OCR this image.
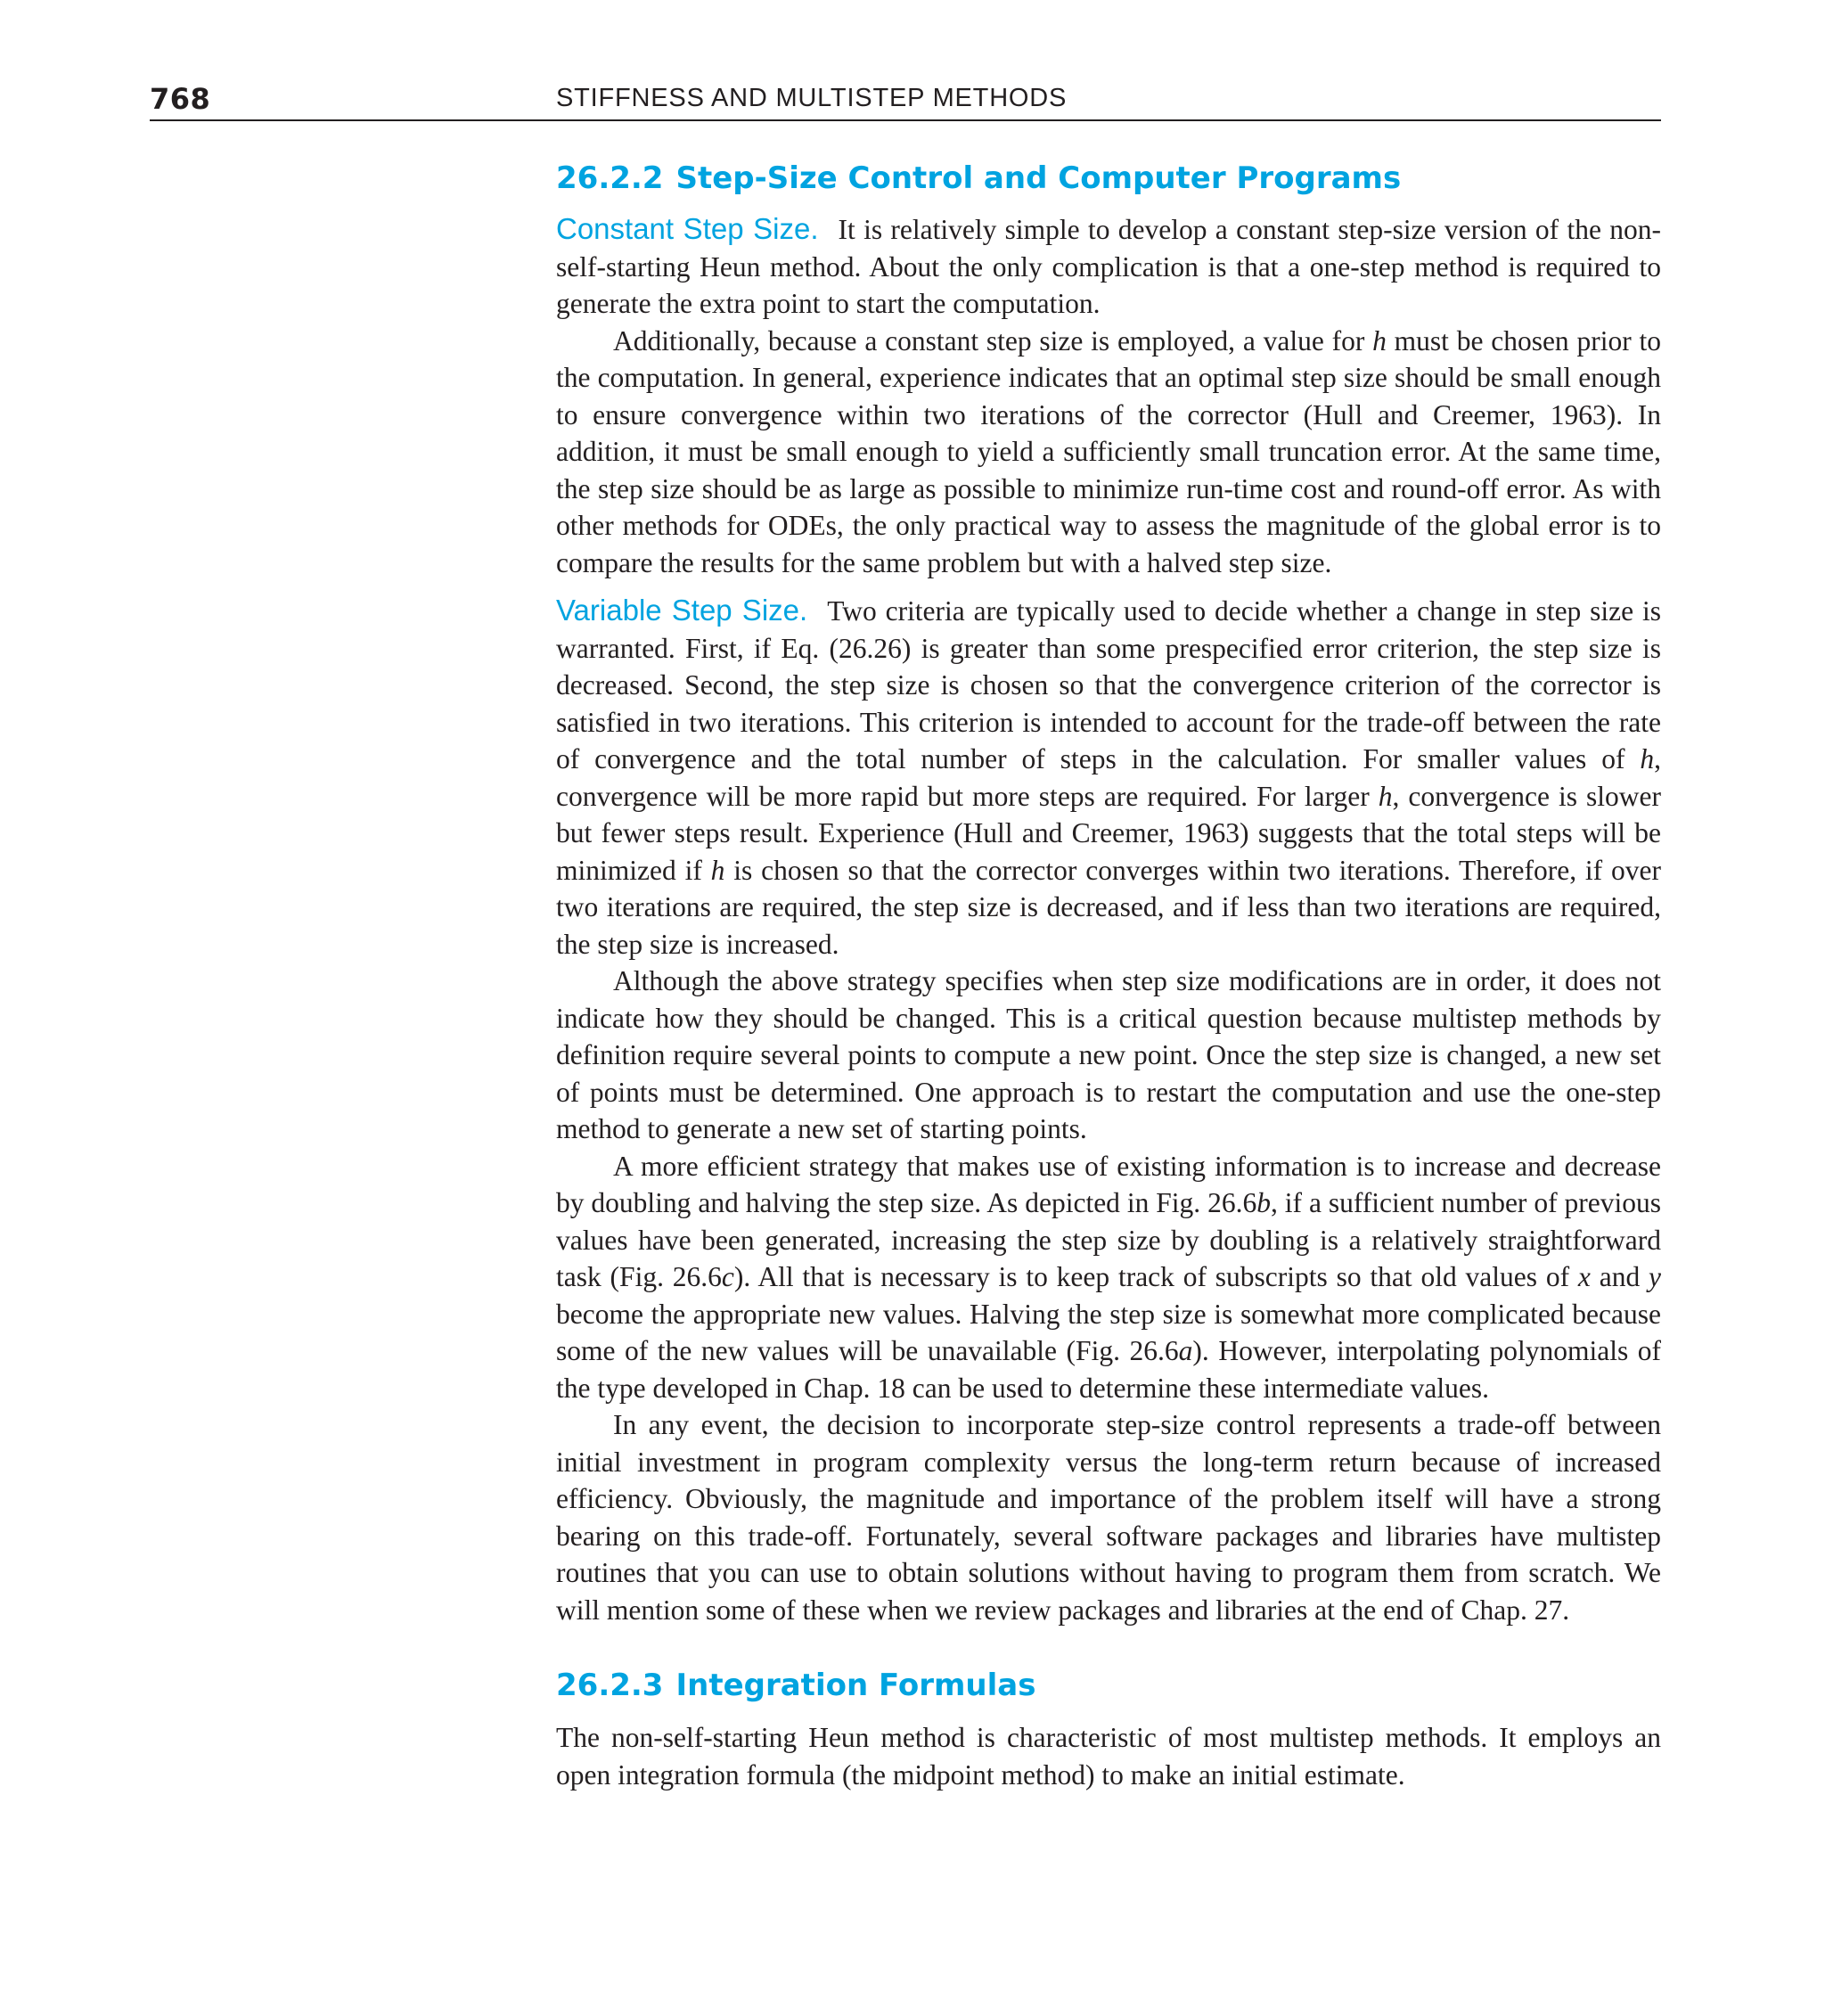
768	STIFFNESS AND MULTISTEP METHODS
26.2.2 Step-Size Control and Computer Programs

Constant Step Size. It is relatively simple to develop a constant step-size version of the non-self-starting Heun method. About the only complication is that a one-step method is required to generate the extra point to start the computation.

Additionally, because a constant step size is employed, a value for h must be chosen prior to the computation. In general, experience indicates that an optimal step size should be small enough to ensure convergence within two iterations of the corrector (Hull and Creemer, 1963). In addition, it must be small enough to yield a sufficiently small truncation error. At the same time, the step size should be as large as possible to minimize run-time cost and round-off error. As with other methods for ODEs, the only practical way to assess the magnitude of the global error is to compare the results for the same problem but with a halved step size.

Variable Step Size. Two criteria are typically used to decide whether a change in step size is warranted. First, if Eq. (26.26) is greater than some prespecified error criterion, the step size is decreased. Second, the step size is chosen so that the convergence criterion of the corrector is satisfied in two iterations. This criterion is intended to account for the trade-off between the rate of convergence and the total number of steps in the calculation. For smaller values of h, convergence will be more rapid but more steps are required. For larger h, convergence is slower but fewer steps result. Experience (Hull and Creemer, 1963) suggests that the total steps will be minimized if h is chosen so that the corrector converges within two iterations. Therefore, if over two iterations are required, the step size is decreased, and if less than two iterations are required, the step size is increased.

Although the above strategy specifies when step size modifications are in order, it does not indicate how they should be changed. This is a critical question because multistep methods by definition require several points to compute a new point. Once the step size is changed, a new set of points must be determined. One approach is to restart the computation and use the one-step method to generate a new set of starting points.

A more efficient strategy that makes use of existing information is to increase and decrease by doubling and halving the step size. As depicted in Fig. 26.6b, if a sufficient number of previous values have been generated, increasing the step size by doubling is a relatively straightforward task (Fig. 26.6c). All that is necessary is to keep track of subscripts so that old values of x and y become the appropriate new values. Halving the step size is somewhat more complicated because some of the new values will be unavailable (Fig. 26.6a). However, interpolating polynomials of the type developed in Chap. 18 can be used to determine these intermediate values.

In any event, the decision to incorporate step-size control represents a trade-off between initial investment in program complexity versus the long-term return because of increased efficiency. Obviously, the magnitude and importance of the problem itself will have a strong bearing on this trade-off. Fortunately, several software packages and libraries have multistep routines that you can use to obtain solutions without having to program them from scratch. We will mention some of these when we review packages and libraries at the end of Chap. 27.

26.2.3 Integration Formulas

The non-self-starting Heun method is characteristic of most multistep methods. It employs an open integration formula (the midpoint method) to make an initial estimate.
